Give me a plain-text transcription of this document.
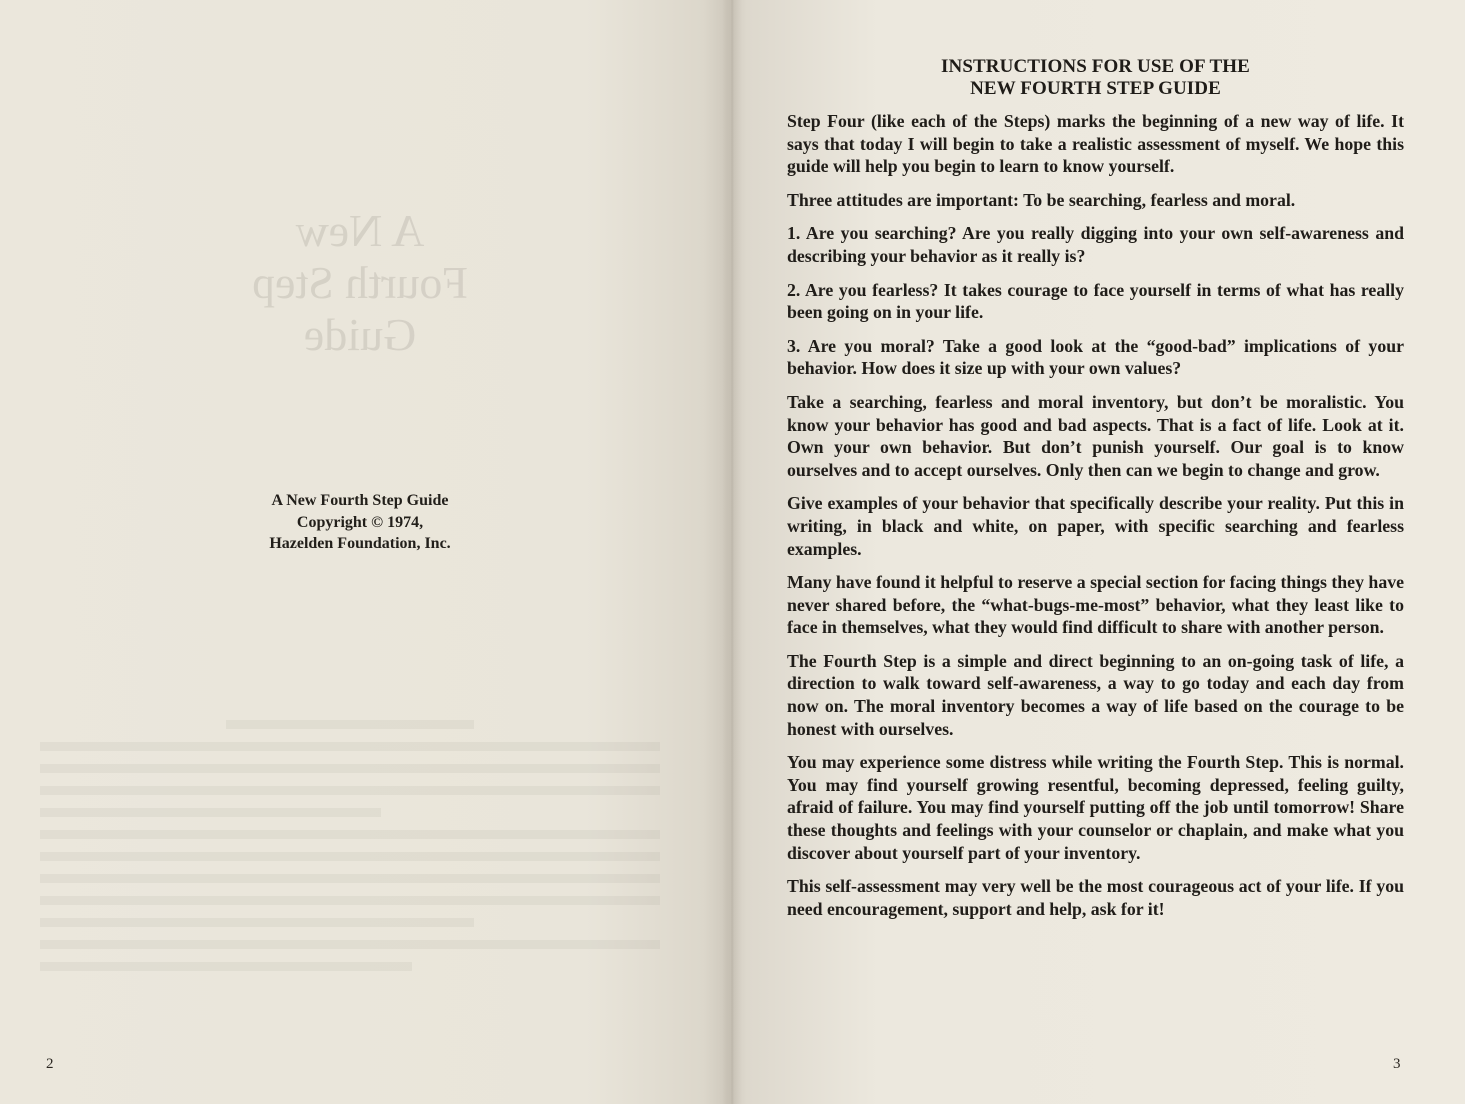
A New
Fourth Step
Guide
A New Fourth Step Guide
Copyright © 1974,
Hazelden Foundation, Inc.
2
INSTRUCTIONS FOR USE OF THE
NEW FOURTH STEP GUIDE

Step Four (like each of the Steps) marks the beginning of a new way of life. It says that today I will begin to take a realistic assessment of myself. We hope this guide will help you begin to learn to know yourself.

Three attitudes are important: To be searching, fearless and moral.

1. Are you searching? Are you really digging into your own self-awareness and describing your behavior as it really is?

2. Are you fearless? It takes courage to face yourself in terms of what has really been going on in your life.

3. Are you moral? Take a good look at the “good-bad” implications of your behavior. How does it size up with your own values?

Take a searching, fearless and moral inventory, but don’t be moralistic. You know your behavior has good and bad aspects. That is a fact of life. Look at it. Own your own behavior. But don’t punish yourself. Our goal is to know ourselves and to accept ourselves. Only then can we begin to change and grow.

Give examples of your behavior that specifically describe your reality. Put this in writing, in black and white, on paper, with specific searching and fearless examples.

Many have found it helpful to reserve a special section for facing things they have never shared before, the “what-bugs-me-most” behavior, what they least like to face in themselves, what they would find difficult to share with another person.

The Fourth Step is a simple and direct beginning to an on-going task of life, a direction to walk toward self-awareness, a way to go today and each day from now on. The moral inventory becomes a way of life based on the courage to be honest with ourselves.

You may experience some distress while writing the Fourth Step. This is normal. You may find yourself growing resentful, becoming depressed, feeling guilty, afraid of failure. You may find yourself putting off the job until tomorrow! Share these thoughts and feelings with your counselor or chaplain, and make what you discover about yourself part of your inventory.

This self-assessment may very well be the most courageous act of your life. If you need encouragement, support and help, ask for it!

3
